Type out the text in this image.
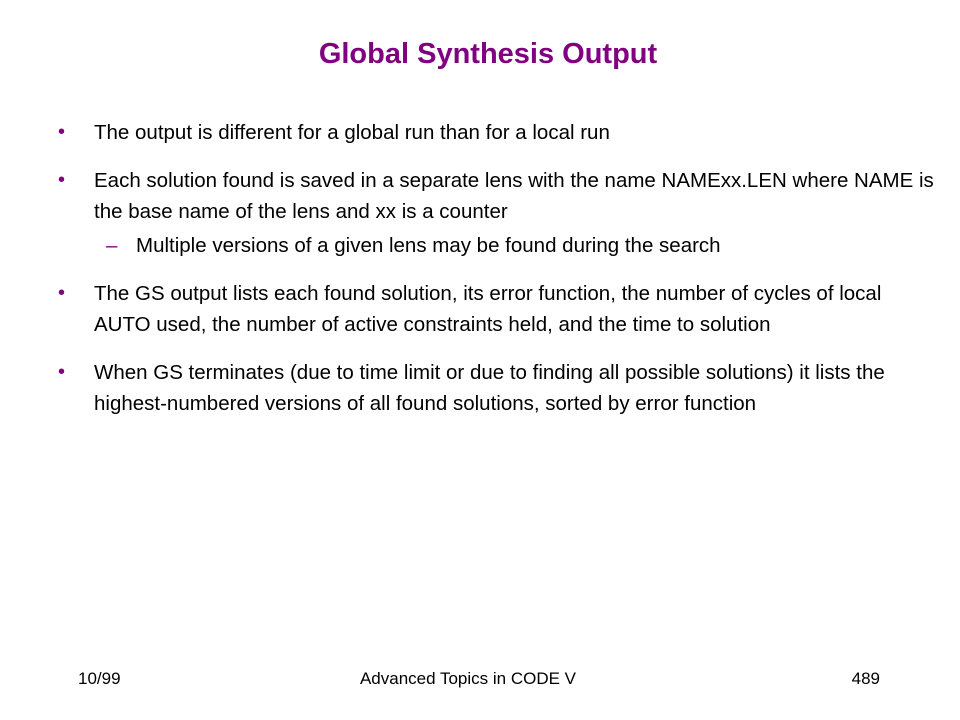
Global Synthesis Output
• The output is different for a global run than for a local run
• Each solution found is saved in a separate lens with the name NAMExx.LEN where NAME is the base name of the lens and xx is a counter
– Multiple versions of a given lens may be found during the search
• The GS output lists each found solution, its error function, the number of cycles of local AUTO used, the number of active constraints held, and the time to solution
• When GS terminates (due to time limit or due to finding all possible solutions) it lists the highest-numbered versions of all found solutions, sorted by error function
10/99	Advanced Topics in CODE V	489
